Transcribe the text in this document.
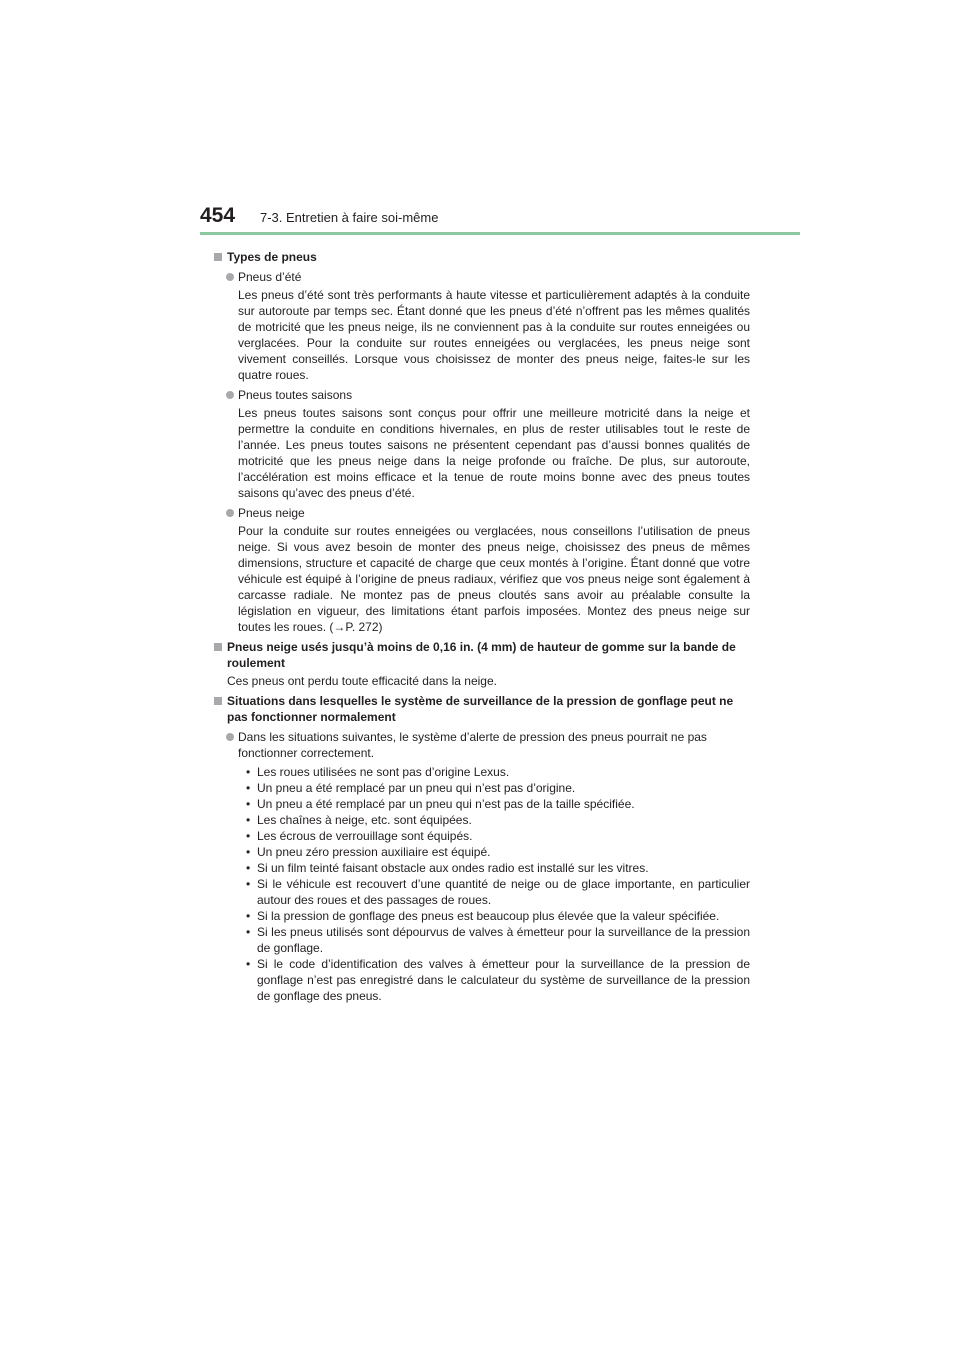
454 7-3. Entretien à faire soi-même
Types de pneus
Pneus d’été
Les pneus d’été sont très performants à haute vitesse et particulièrement adaptés à la conduite sur autoroute par temps sec. Étant donné que les pneus d’été n’offrent pas les mêmes qualités de motricité que les pneus neige, ils ne conviennent pas à la conduite sur routes enneigées ou verglacées. Pour la conduite sur routes enneigées ou verglacées, les pneus neige sont vivement conseillés. Lorsque vous choisissez de monter des pneus neige, faites-le sur les quatre roues.
Pneus toutes saisons
Les pneus toutes saisons sont conçus pour offrir une meilleure motricité dans la neige et permettre la conduite en conditions hivernales, en plus de rester utilisables tout le reste de l’année. Les pneus toutes saisons ne présentent cependant pas d’aussi bonnes qualités de motricité que les pneus neige dans la neige profonde ou fraîche. De plus, sur autoroute, l’accélération est moins efficace et la tenue de route moins bonne avec des pneus toutes saisons qu’avec des pneus d’été.
Pneus neige
Pour la conduite sur routes enneigées ou verglacées, nous conseillons l’utilisation de pneus neige. Si vous avez besoin de monter des pneus neige, choisissez des pneus de mêmes dimensions, structure et capacité de charge que ceux montés à l’origine. Étant donné que votre véhicule est équipé à l’origine de pneus radiaux, vérifiez que vos pneus neige sont également à carcasse radiale. Ne montez pas de pneus cloutés sans avoir au préalable consulte la législation en vigueur, des limitations étant parfois imposées. Montez des pneus neige sur toutes les roues. (→P. 272)
Pneus neige usés jusqu’à moins de 0,16 in. (4 mm) de hauteur de gomme sur la bande de roulement
Ces pneus ont perdu toute efficacité dans la neige.
Situations dans lesquelles le système de surveillance de la pression de gonflage peut ne pas fonctionner normalement
Dans les situations suivantes, le système d’alerte de pression des pneus pourrait ne pas fonctionner correctement.
• Les roues utilisées ne sont pas d’origine Lexus.
• Un pneu a été remplacé par un pneu qui n’est pas d’origine.
• Un pneu a été remplacé par un pneu qui n’est pas de la taille spécifiée.
• Les chaînes à neige, etc. sont équipées.
• Les écrous de verrouillage sont équipés.
• Un pneu zéro pression auxiliaire est équipé.
• Si un film teinté faisant obstacle aux ondes radio est installé sur les vitres.
• Si le véhicule est recouvert d’une quantité de neige ou de glace importante, en particulier autour des roues et des passages de roues.
• Si la pression de gonflage des pneus est beaucoup plus élevée que la valeur spécifiée.
• Si les pneus utilisés sont dépourvus de valves à émetteur pour la surveillance de la pression de gonflage.
• Si le code d’identification des valves à émetteur pour la surveillance de la pression de gonflage n’est pas enregistré dans le calculateur du système de surveillance de la pression de gonflage des pneus.
